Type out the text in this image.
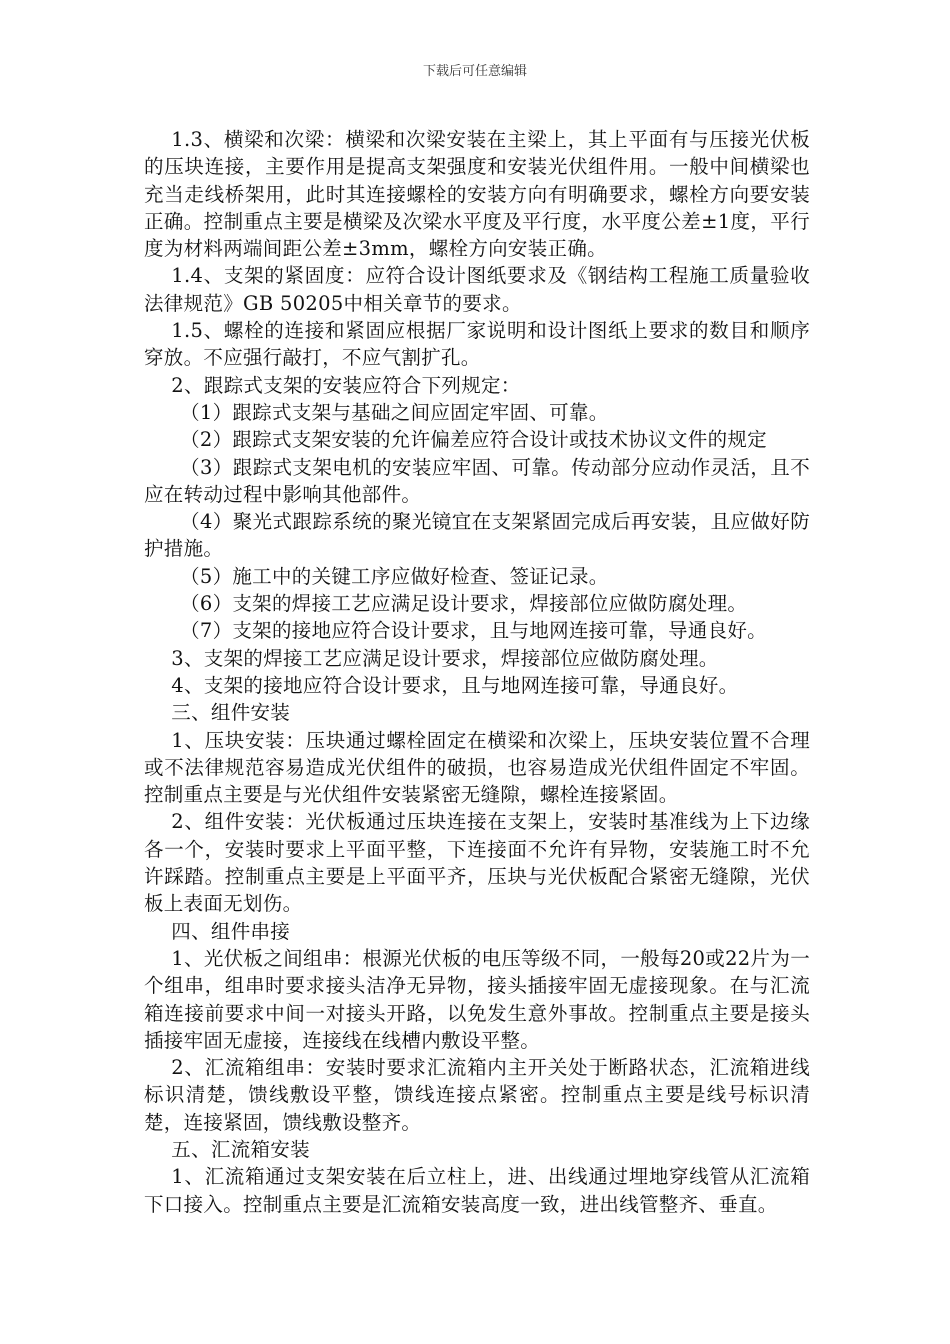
下载后可任意编辑

1.3、横梁和次梁：横梁和次梁安装在主梁上，其上平面有与压接光伏板的压块连接，主要作用是提高支架强度和安装光伏组件用。一般中间横梁也充当走线桥架用，此时其连接螺栓的安装方向有明确要求，螺栓方向要安装正确。控制重点主要是横梁及次梁水平度及平行度，水平度公差±1度，平行度为材料两端间距公差±3mm，螺栓方向安装正确。

1.4、支架的紧固度：应符合设计图纸要求及《钢结构工程施工质量验收法律规范》GB 50205中相关章节的要求。

1.5、螺栓的连接和紧固应根据厂家说明和设计图纸上要求的数目和顺序穿放。不应强行敲打，不应气割扩孔。

2、跟踪式支架的安装应符合下列规定：

（1）跟踪式支架与基础之间应固定牢固、可靠。

（2）跟踪式支架安装的允许偏差应符合设计或技术协议文件的规定

（3）跟踪式支架电机的安装应牢固、可靠。传动部分应动作灵活，且不应在转动过程中影响其他部件。

（4）聚光式跟踪系统的聚光镜宜在支架紧固完成后再安装，且应做好防护措施。

（5）施工中的关键工序应做好检查、签证记录。

（6）支架的焊接工艺应满足设计要求，焊接部位应做防腐处理。

（7）支架的接地应符合设计要求，且与地网连接可靠，导通良好。

3、支架的焊接工艺应满足设计要求，焊接部位应做防腐处理。

4、支架的接地应符合设计要求，且与地网连接可靠，导通良好。

三、组件安装

1、压块安装：压块通过螺栓固定在横梁和次梁上，压块安装位置不合理或不法律规范容易造成光伏组件的破损，也容易造成光伏组件固定不牢固。控制重点主要是与光伏组件安装紧密无缝隙，螺栓连接紧固。

2、组件安装：光伏板通过压块连接在支架上，安装时基准线为上下边缘各一个，安装时要求上平面平整，下连接面不允许有异物，安装施工时不允许踩踏。控制重点主要是上平面平齐，压块与光伏板配合紧密无缝隙，光伏板上表面无划伤。

四、组件串接

1、光伏板之间组串：根源光伏板的电压等级不同，一般每20或22片为一个组串，组串时要求接头洁净无异物，接头插接牢固无虚接现象。在与汇流箱连接前要求中间一对接头开路，以免发生意外事故。控制重点主要是接头插接牢固无虚接，连接线在线槽内敷设平整。

2、汇流箱组串：安装时要求汇流箱内主开关处于断路状态，汇流箱进线标识清楚，馈线敷设平整，馈线连接点紧密。控制重点主要是线号标识清楚，连接紧固，馈线敷设整齐。

五、汇流箱安装

1、汇流箱通过支架安装在后立柱上，进、出线通过埋地穿线管从汇流箱下口接入。控制重点主要是汇流箱安装高度一致，进出线管整齐、垂直。
